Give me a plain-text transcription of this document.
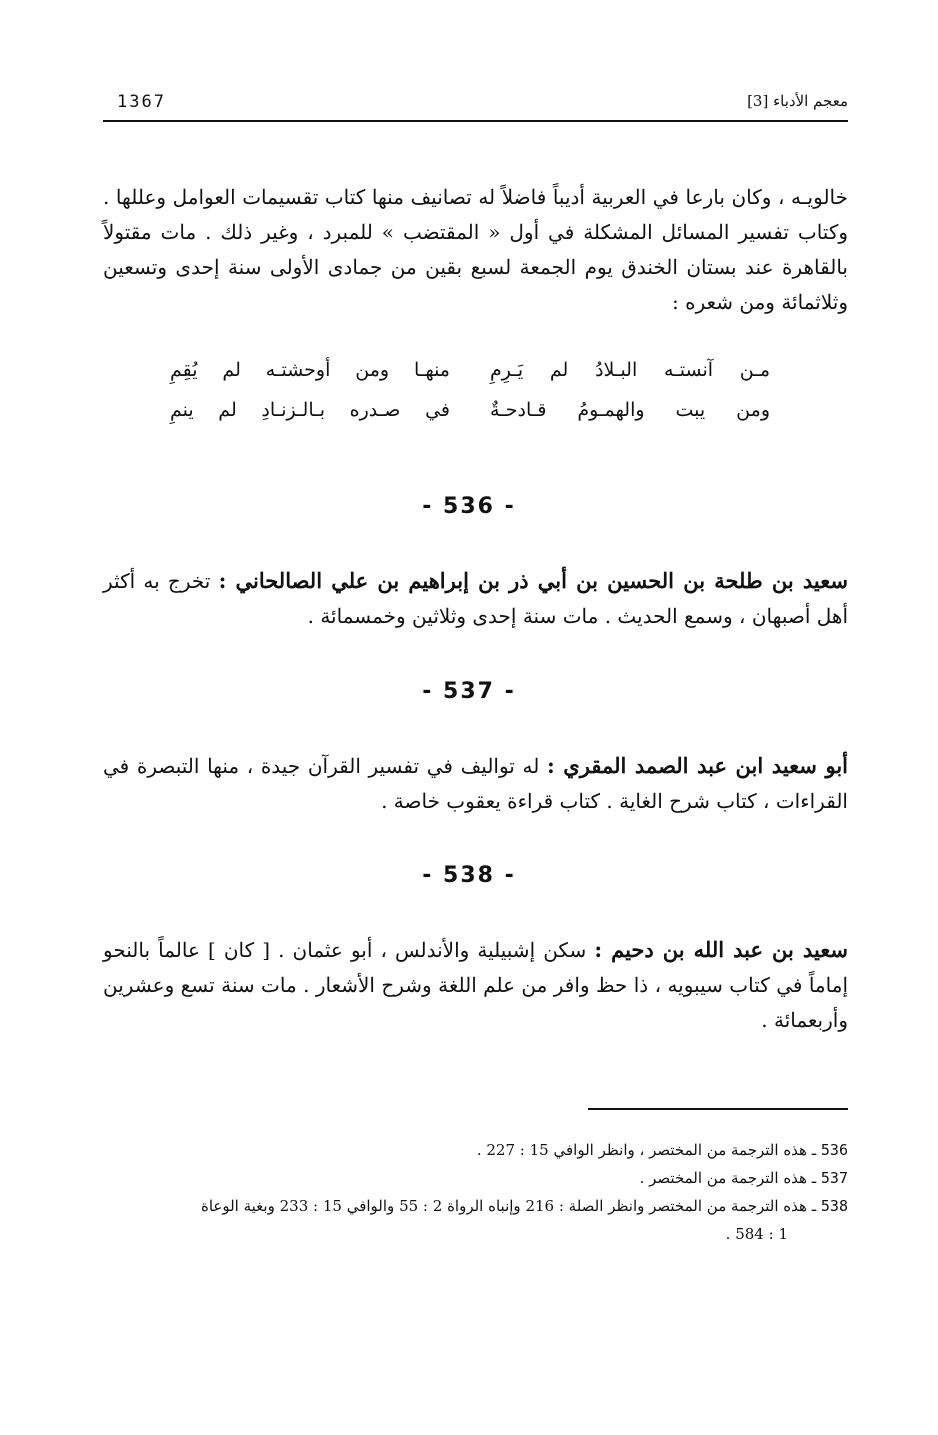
1367	معجم الأدباء [3]

خالويـه ، وكان بارعا في العربية أديباً فاضلاً له تصانيف منها كتاب تقسيمات العوامل وعللها . وكتاب تفسير المسائل المشكلة في أول « المقتضب » للمبرد ، وغير ذلك . مات مقتولاً بالقاهرة عند بستان الخندق يوم الجمعة لسبع بقين من جمادى الأولى سنة إحدى وتسعين وثلاثمائة ومن شعره :

مـن آنستـه البـلادُ لم يَـرِمِ
منهـا ومن أوحشتـه لم يُقِمِ
ومن يبت والهمـومُ قـادحـةٌ
في صـدره بـالـزنـادِ لم ينمِ
- 536 -

سعيد بن طلحة بن الحسين بن أبي ذر بن إبراهيم بن علي الصالحاني : تخرج به أكثر أهل أصبهان ، وسمع الحديث . مات سنة إحدى وثلاثين وخمسمائة .

- 537 -

أبو سعيد ابن عبد الصمد المقري : له تواليف في تفسير القرآن جيدة ، منها التبصرة في القراءات ، كتاب شرح الغاية . كتاب قراءة يعقوب خاصة .

- 538 -

سعيد بن عبد الله بن دحيم : سكن إشبيلية والأندلس ، أبو عثمان . [ كان ] عالماً بالنحو إماماً في كتاب سيبويه ، ذا حظ وافر من علم اللغة وشرح الأشعار . مات سنة تسع وعشرين وأربعمائة .

536 ـ هذه الترجمة من المختصر ، وانظر الوافي 15 : 227 .
537 ـ هذه الترجمة من المختصر .
538 ـ هذه الترجمة من المختصر وانظر الصلة : 216 وإنباه الرواة 2 : 55 والوافي 15 : 233 وبغية الوعاة
1 : 584 .
